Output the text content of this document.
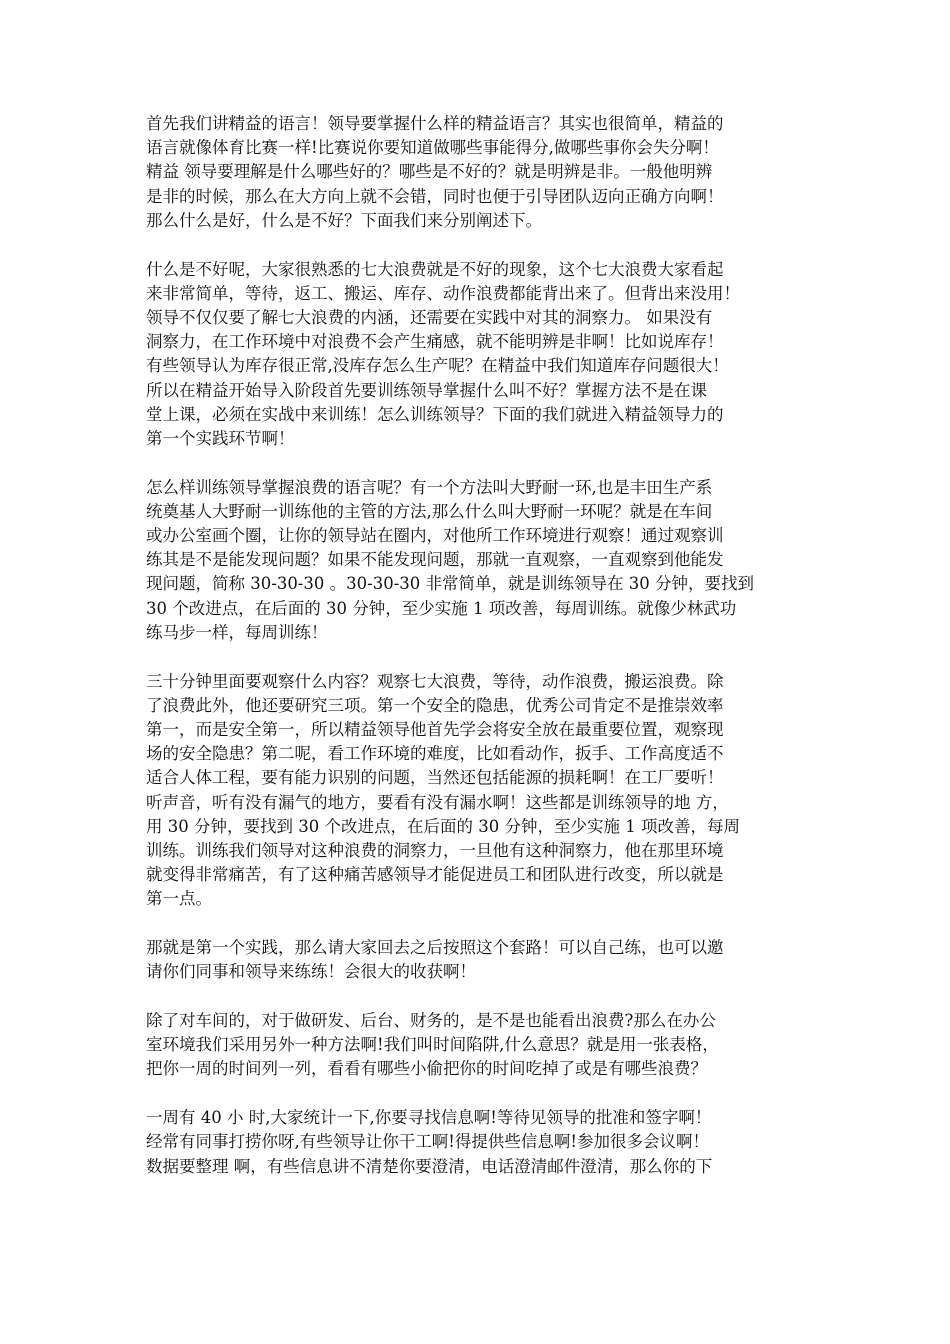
首先我们讲精益的语言！领导要掌握什么样的精益语言？其实也很简单，精益的
语言就像体育比赛一样!比赛说你要知道做哪些事能得分,做哪些事你会失分啊！
精益 领导要理解是什么哪些好的？哪些是不好的？就是明辨是非。一般他明辨
是非的时候，那么在大方向上就不会错，同时也便于引导团队迈向正确方向啊！
那么什么是好，什么是不好？下面我们来分别阐述下。
什么是不好呢，大家很熟悉的七大浪费就是不好的现象，这个七大浪费大家看起
来非常简单，等待，返工、搬运、库存、动作浪费都能背出来了。但背出来没用！
领导不仅仅要了解七大浪费的内涵，还需要在实践中对其的洞察力。 如果没有
洞察力，在工作环境中对浪费不会产生痛感，就不能明辨是非啊！比如说库存！
有些领导认为库存很正常,没库存怎么生产呢？在精益中我们知道库存问题很大！
所以在精益开始导入阶段首先要训练领导掌握什么叫不好？掌握方法不是在课
堂上课，必须在实战中来训练！怎么训练领导？下面的我们就进入精益领导力的
第一个实践环节啊！
怎么样训练领导掌握浪费的语言呢？有一个方法叫大野耐一环,也是丰田生产系
统奠基人大野耐一训练他的主管的方法,那么什么叫大野耐一环呢？就是在车间
或办公室画个圈，让你的领导站在圈内，对他所工作环境进行观察！通过观察训
练其是不是能发现问题？如果不能发现问题，那就一直观察，一直观察到他能发
现问题，简称 30-30-30 。30-30-30 非常简单，就是训练领导在 30 分钟，要找到
30 个改进点，在后面的 30 分钟，至少实施 1 项改善，每周训练。就像少林武功
练马步一样，每周训练！
三十分钟里面要观察什么内容？观察七大浪费，等待，动作浪费，搬运浪费。除
了浪费此外，他还要研究三项。第一个安全的隐患，优秀公司肯定不是推崇效率
第一，而是安全第一，所以精益领导他首先学会将安全放在最重要位置，观察现
场的安全隐患？第二呢，看工作环境的难度，比如看动作，扳手、工作高度适不
适合人体工程，要有能力识别的问题，当然还包括能源的损耗啊！在工厂要听！
听声音，听有没有漏气的地方，要看有没有漏水啊！这些都是训练领导的地 方，
用 30 分钟，要找到 30 个改进点，在后面的 30 分钟，至少实施 1 项改善，每周
训练。训练我们领导对这种浪费的洞察力，一旦他有这种洞察力，他在那里环境
就变得非常痛苦，有了这种痛苦感领导才能促进员工和团队进行改变，所以就是
第一点。
那就是第一个实践，那么请大家回去之后按照这个套路！可以自己练，也可以邀
请你们同事和领导来练练！会很大的收获啊！
除了对车间的，对于做研发、后台、财务的，是不是也能看出浪费?那么在办公
室环境我们采用另外一种方法啊!我们叫时间陷阱,什么意思？就是用一张表格，
把你一周的时间列一列，看看有哪些小偷把你的时间吃掉了或是有哪些浪费？
一周有 40 小 时,大家统计一下,你要寻找信息啊!等待见领导的批准和签字啊！
经常有同事打捞你呀,有些领导让你干工啊!得提供些信息啊!参加很多会议啊！
数据要整理 啊，有些信息讲不清楚你要澄清，电话澄清邮件澄清，那么你的下
